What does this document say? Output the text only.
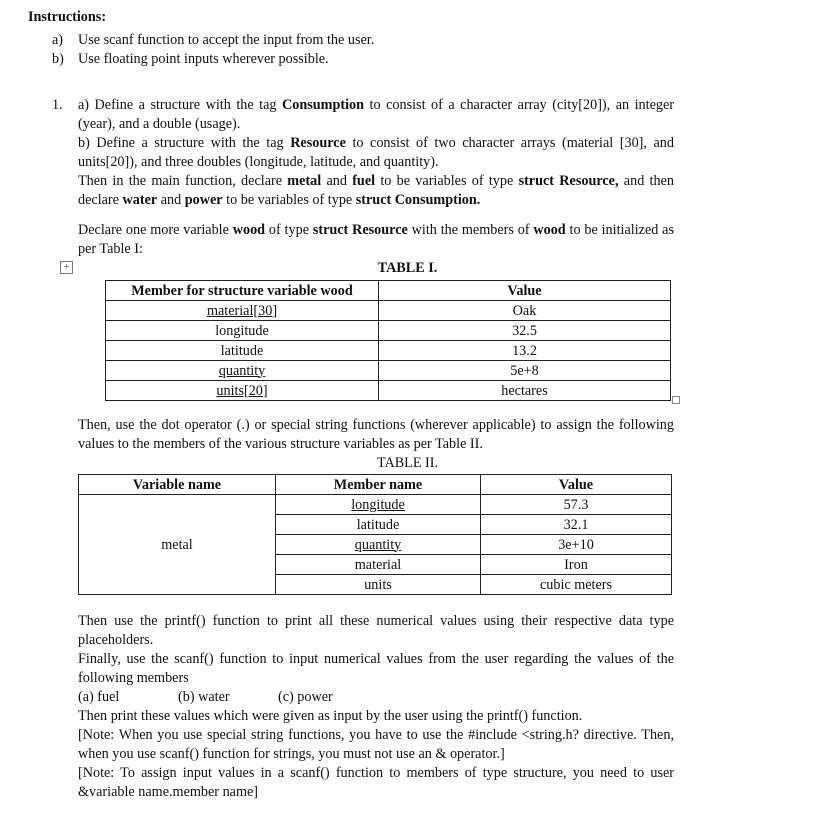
Instructions:
a) Use scanf function to accept the input from the user.
b) Use floating point inputs wherever possible.
1. a) Define a structure with the tag Consumption to consist of a character array (city[20]), an integer (year), and a double (usage).

b) Define a structure with the tag Resource to consist of two character arrays (material [30], and units[20]), and three doubles (longitude, latitude, and quantity).

Then in the main function, declare metal and fuel to be variables of type struct Resource, and then declare water and power to be variables of type struct Consumption.

Declare one more variable wood of type struct Resource with the members of wood to be initialized as per Table I:

+	TABLE I.
Member for structure variable wood	Value
material[30]	Oak
longitude	32.5
latitude	13.2
quantity	5e+8
units[20]	hectares
Then, use the dot operator (.) or special string functions (wherever applicable) to assign the following values to the members of the various structure variables as per Table II.
TABLE II.
Variable name	Member name	Value
metal	longitude	57.3
	latitude	32.1
	quantity	3e+10
	material	Iron
	units	cubic meters

Then use the printf() function to print all these numerical values using their respective data type placeholders.

Finally, use the scanf() function to input numerical values from the user regarding the values of the following members

(a) fuel	(b) water	(c) power

Then print these values which were given as input by the user using the printf() function.

[Note: When you use special string functions, you have to use the #include <string.h? directive. Then, when you use scanf() function for strings, you must not use an & operator.]

[Note: To assign input values in a scanf() function to members of type structure, you need to user &variable name.member name]
